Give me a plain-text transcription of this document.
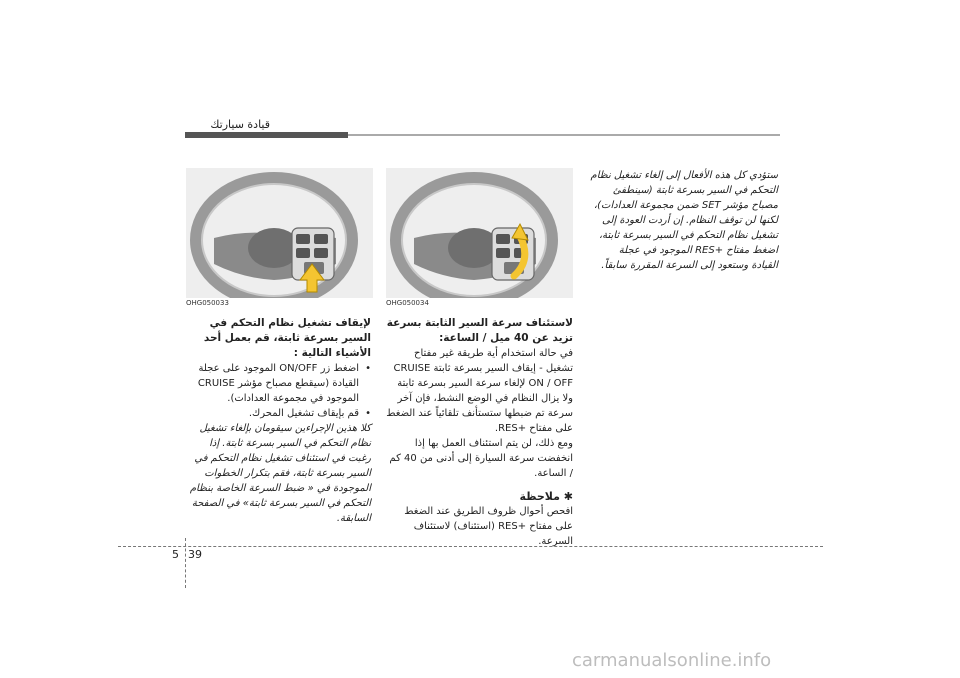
قيادة سيارتك
OHG050033	OHG050034
لإيقاف تشغيل نظام التحكم في السير بسرعة ثابتة، قم بعمل أحد الأشياء التالية :
•
اضغط زر ON/OFF الموجود على عجلة القيادة (سيقطع مصباح مؤشر CRUISE الموجود في مجموعة العدادات).
•
قم بإيقاف تشغيل المحرك.
كلا هذين الإجراءين سيقومان بإلغاء تشغيل نظام التحكم في السير بسرعة ثابتة. إذا رغبت في استئناف تشغيل نظام التحكم في السير بسرعة ثابتة، فقم بتكرار الخطوات الموجودة في « ضبط السرعة الخاصة بنظام التحكم في السير بسرعة ثابتة» في الصفحة السابقة.
لاستئناف سرعة السير الثابتة بسرعة تزيد عن 40 ميل / الساعة:
في حالة استخدام أية طريقة غير مفتاح تشغيل - إيقاف السير بسرعة ثابتة CRUISE ON / OFF لإلغاء سرعة السير بسرعة ثابتة ولا يزال النظام في الوضع النشط، فإن آخر سرعة تم ضبطها ستستأنف تلقائياً عند الضغط على مفتاح +RES.
ومع ذلك، لن يتم استئناف العمل بها إذا انخفضت سرعة السيارة إلى أدنى من 40 كم / الساعة.
✱ ملاحظة
افحص أحوال ظروف الطريق عند الضغط على مفتاح +RES (استئناف) لاستئناف السرعة.
ستؤدي كل هذه الأفعال إلى إلغاء تشغيل نظام التحكم في السير بسرعة ثابتة (سينطفئ مصباح مؤشر SET ضمن مجموعة العدادات)، لكنها لن توقف النظام. إن أردت العودة إلى تشغيل نظام التحكم في السير بسرعة ثابتة، اضغط مفتاح +RES الموجود في عجلة القيادة وستعود إلى السرعة المقررة سابقاً.
5 39
carmanualsonline.info
